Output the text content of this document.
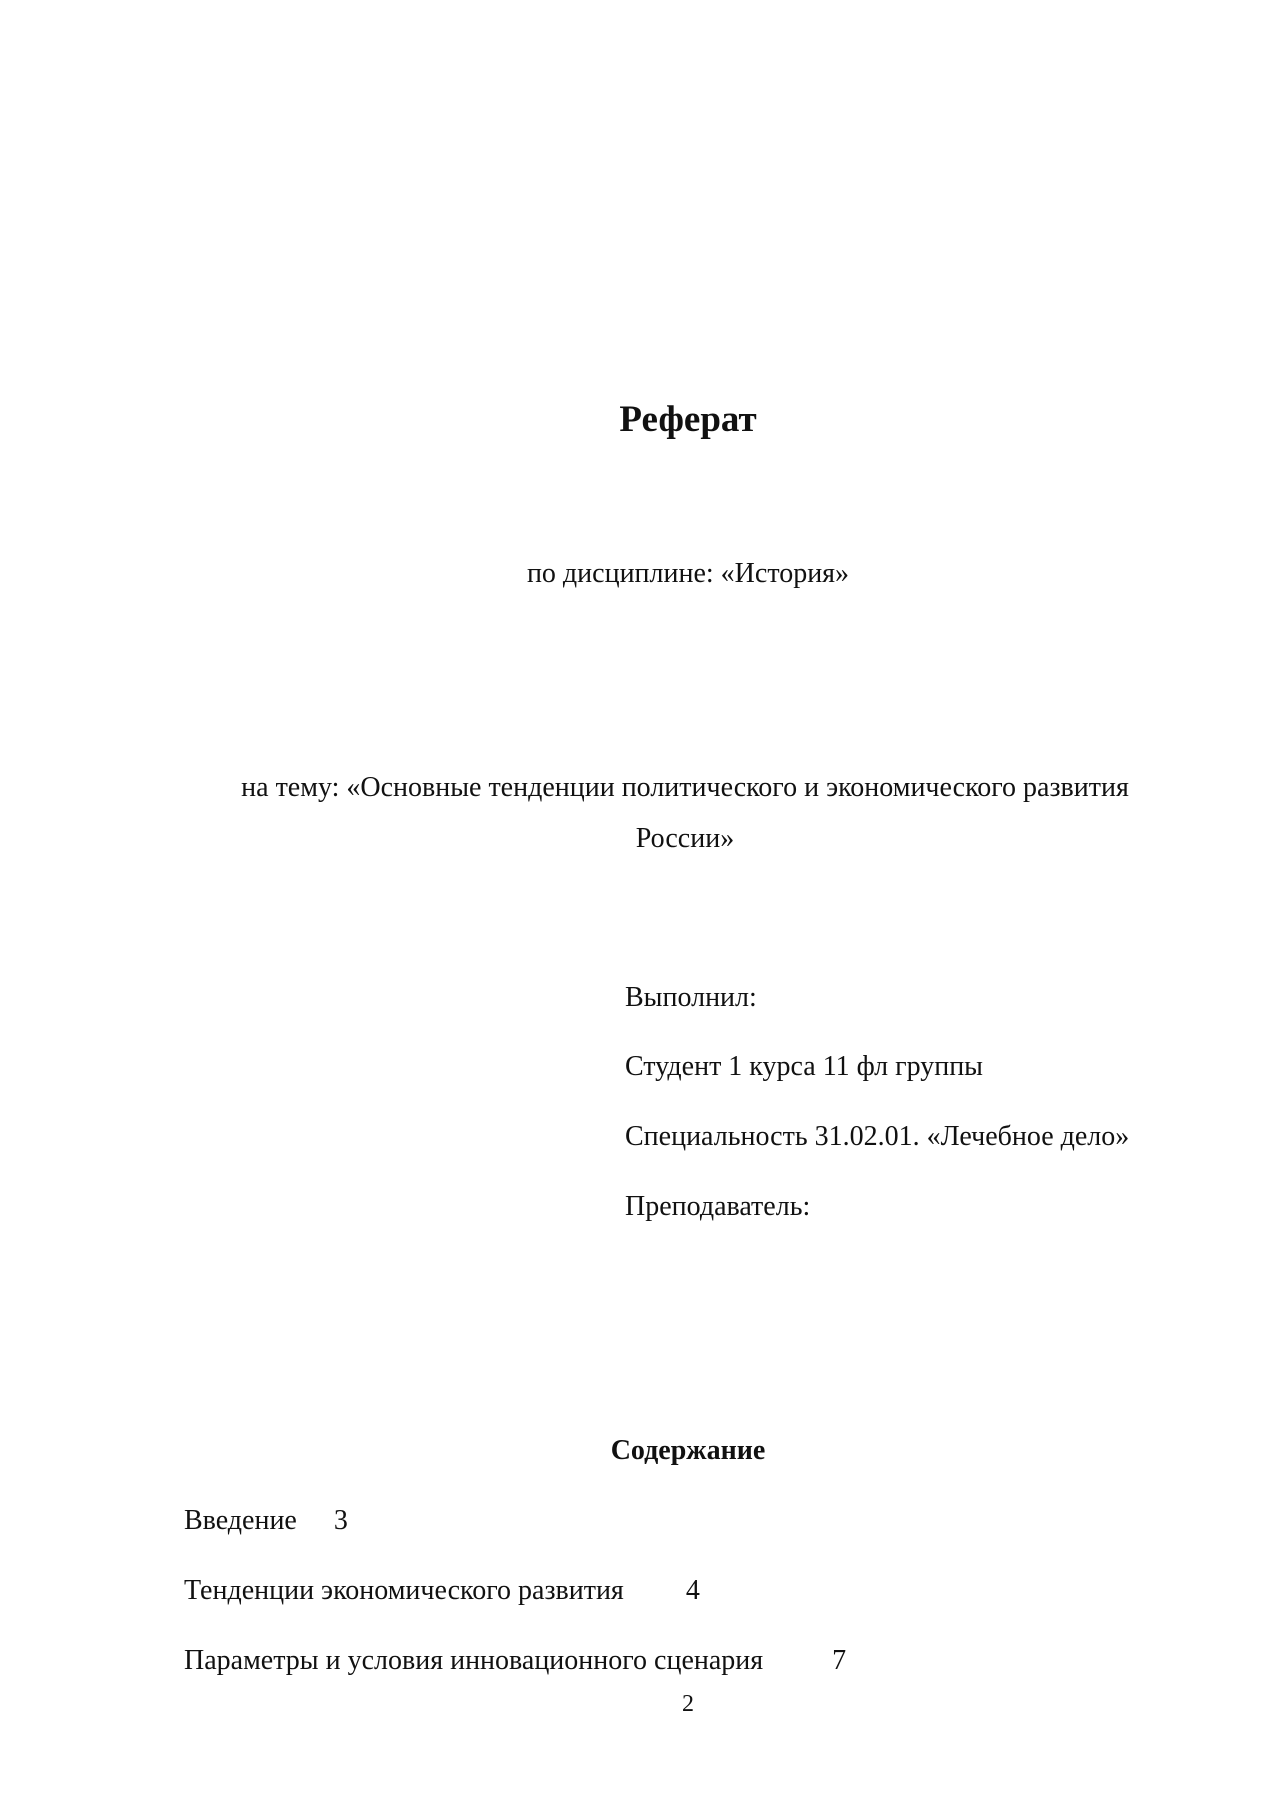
Реферат
по дисциплине: «История»
на тему: «Основные тенденции политического и экономического развития России»
Выполнил:
Студент 1 курса 11 фл группы
Специальность 31.02.01. «Лечебное дело»
Преподаватель:
Содержание
Введение 3
Тенденции экономического развития 4
Параметры и условия инновационного сценария 7
2
